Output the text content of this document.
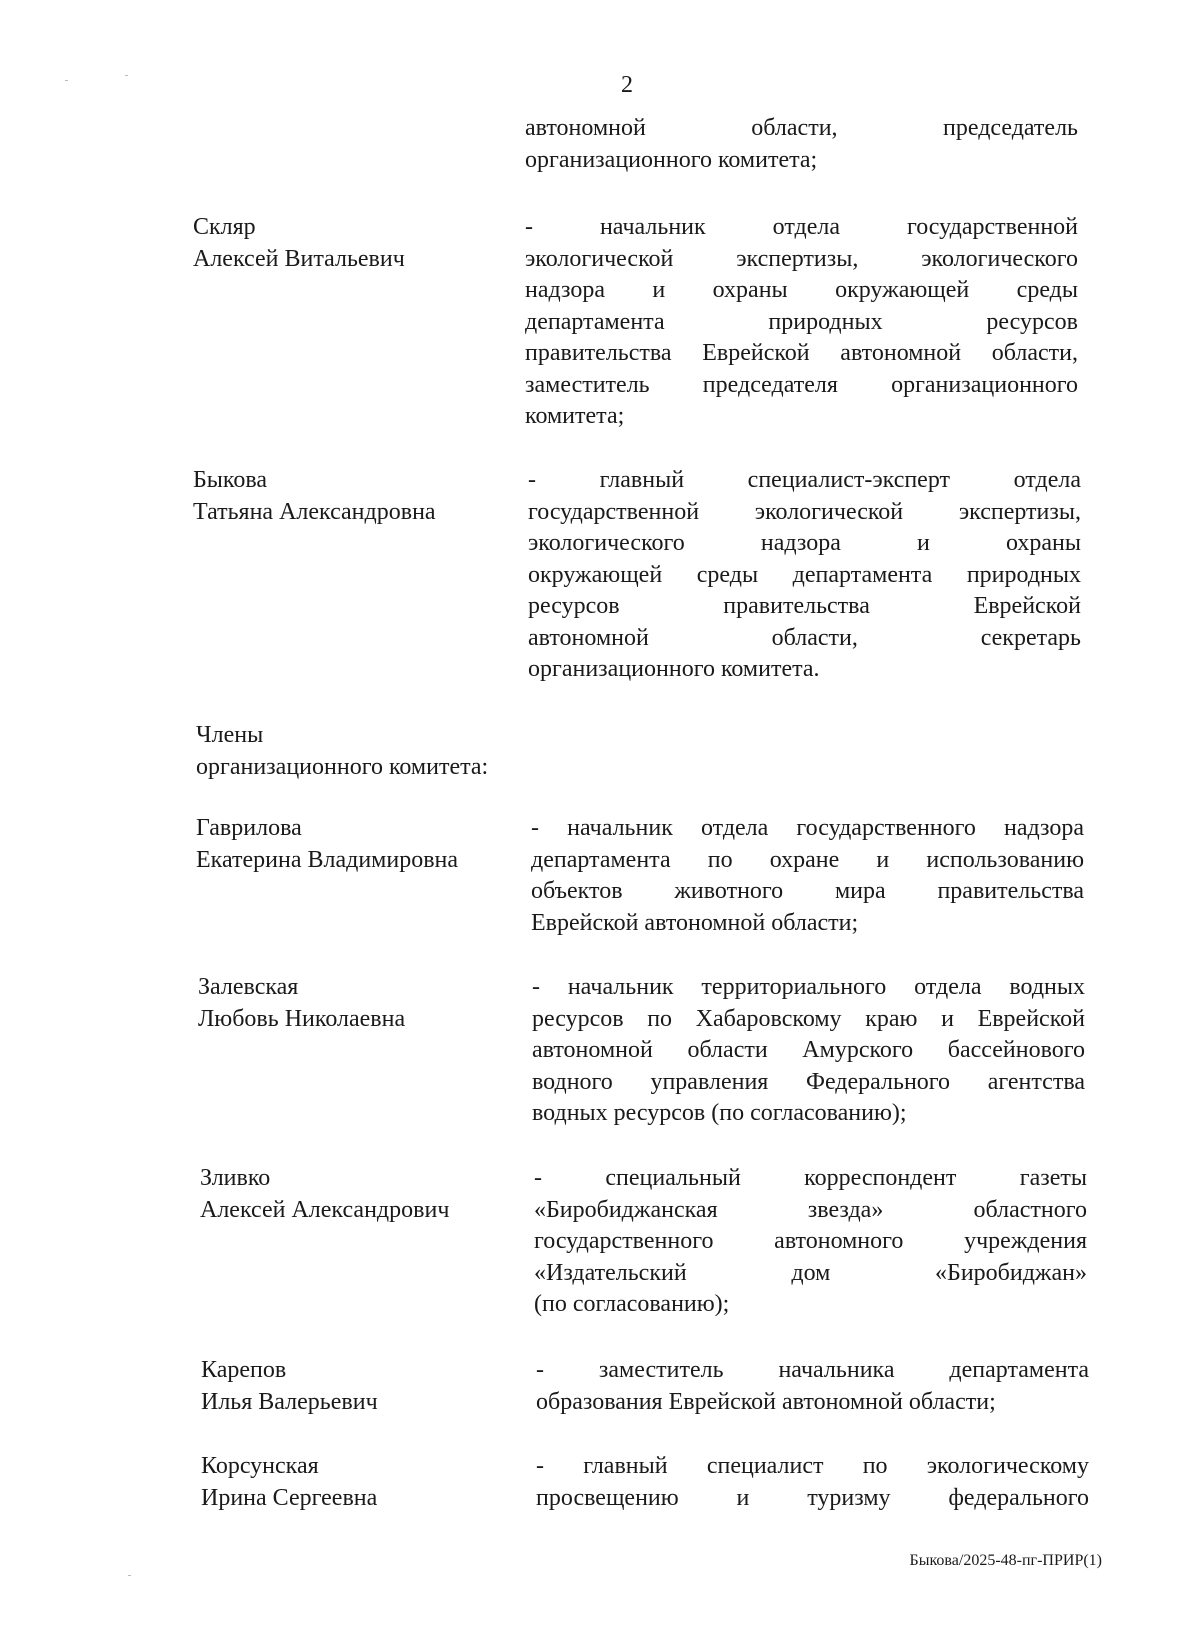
2
автономной области, председатель
организационного комитета;
Скляр
Алексей Витальевич
- начальник отдела государственной
экологической экспертизы, экологического
надзора и охраны окружающей среды
департамента природных ресурсов
правительства Еврейской автономной области,
заместитель председателя организационного
комитета;
Быкова
Татьяна Александровна
- главный специалист-эксперт отдела
государственной экологической экспертизы,
экологического надзора и охраны
окружающей среды департамента природных
ресурсов правительства Еврейской
автономной области, секретарь
организационного комитета.
Члены
организационного комитета:
Гаврилова
Екатерина Владимировна
- начальник отдела государственного надзора
департамента по охране и использованию
объектов животного мира правительства
Еврейской автономной области;
Залевская
Любовь Николаевна
- начальник территориального отдела водных
ресурсов по Хабаровскому краю и Еврейской
автономной области Амурского бассейнового
водного управления Федерального агентства
водных ресурсов (по согласованию);
Зливко
Алексей Александрович
- специальный корреспондент газеты
«Биробиджанская звезда» областного
государственного автономного учреждения
«Издательский дом «Биробиджан»
(по согласованию);
Карепов
Илья Валерьевич
- заместитель начальника департамента
образования Еврейской автономной области;
Корсунская
Ирина Сергеевна
- главный специалист по экологическому
просвещению и туризму федерального
Быкова/2025-48-пг-ПРИР(1)
